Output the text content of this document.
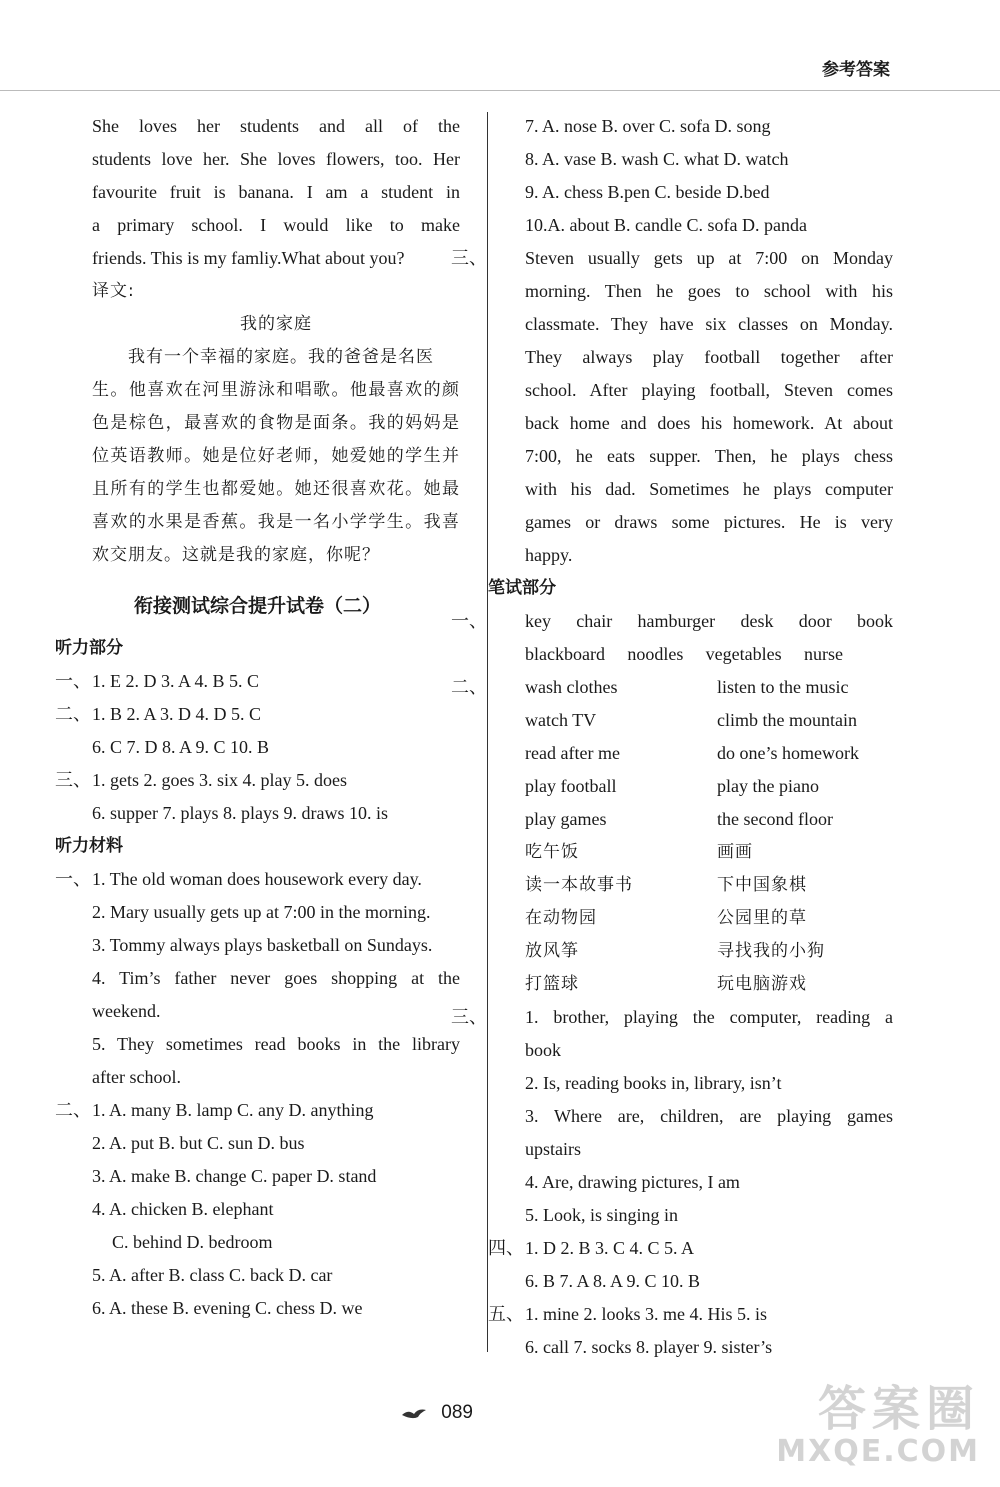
参考答案
She loves her students and all of the
students love her. She loves flowers, too. Her
favourite fruit is banana. I am a student in
a primary school. I would like to make
friends. This is my famliy.What about you?
译文:
我的家庭
我有一个幸福的家庭。我的爸爸是名医
生。他喜欢在河里游泳和唱歌。他最喜欢的颜
色是棕色，最喜欢的食物是面条。我的妈妈是
位英语教师。她是位好老师，她爱她的学生并
且所有的学生也都爱她。她还很喜欢花。她最
喜欢的水果是香蕉。我是一名小学学生。我喜
欢交朋友。这就是我的家庭，你呢？
衔接测试综合提升试卷（二）
听力部分
一、 1. E 2. D 3. A 4. B 5. C
二、 1. B 2. A 3. D 4. D 5. C
6. C 7. D 8. A 9. C 10. B
三、 1. gets 2. goes 3. six 4. play 5. does
6. supper 7. plays 8. plays 9. draws 10. is
听力材料
一、 1. The old woman does housework every day.
2. Mary usually gets up at 7:00 in the morning.
3. Tommy always plays basketball on Sundays.
4. Tim’s father never goes shopping at the
weekend.
5. They sometimes read books in the library
after school.
二、 1. A. many B. lamp C. any D. anything
2. A. put B. but C. sun D. bus
3. A. make B. change C. paper D. stand
4. A. chicken B. elephant
C. behind D. bedroom
5. A. after B. class C. back D. car
6. A. these B. evening C. chess D. we
7. A. nose B. over C. sofa D. song
8. A. vase B. wash C. what D. watch
9. A. chess B.pen C. beside D.bed
10.A. about B. candle C. sofa D. panda
三、 Steven usually gets up at 7:00 on Monday
morning. Then he goes to school with his
classmate. They have six classes on Monday.
They always play football together after
school. After playing football, Steven comes
back home and does his homework. At about
7:00, he eats supper. Then, he plays chess
with his dad. Sometimes he plays computer
games or draws some pictures. He is very
happy.
笔试部分
一、 key chair hamburger desk door book
blackboard noodles vegetables nurse
二、 wash clothes	listen to the music
watch TV	climb the mountain
read after me	do one’s homework
play football	play the piano
play games	the second floor
吃午饭	画画
读一本故事书	下中国象棋
在动物园	公园里的草
放风筝	寻找我的小狗
打篮球	玩电脑游戏
三、 1. brother, playing the computer, reading a
book
2. Is, reading books in, library, isn’t
3. Where are, children, are playing games
upstairs
4. Are, drawing pictures, I am
5. Look, is singing in
四、 1. D 2. B 3. C 4. C 5. A
6. B 7. A 8. A 9. C 10. B
五、 1. mine 2. looks 3. me 4. His 5. is
6. call 7. socks 8. player 9. sister’s
089	答案圈
MXQE.COM
